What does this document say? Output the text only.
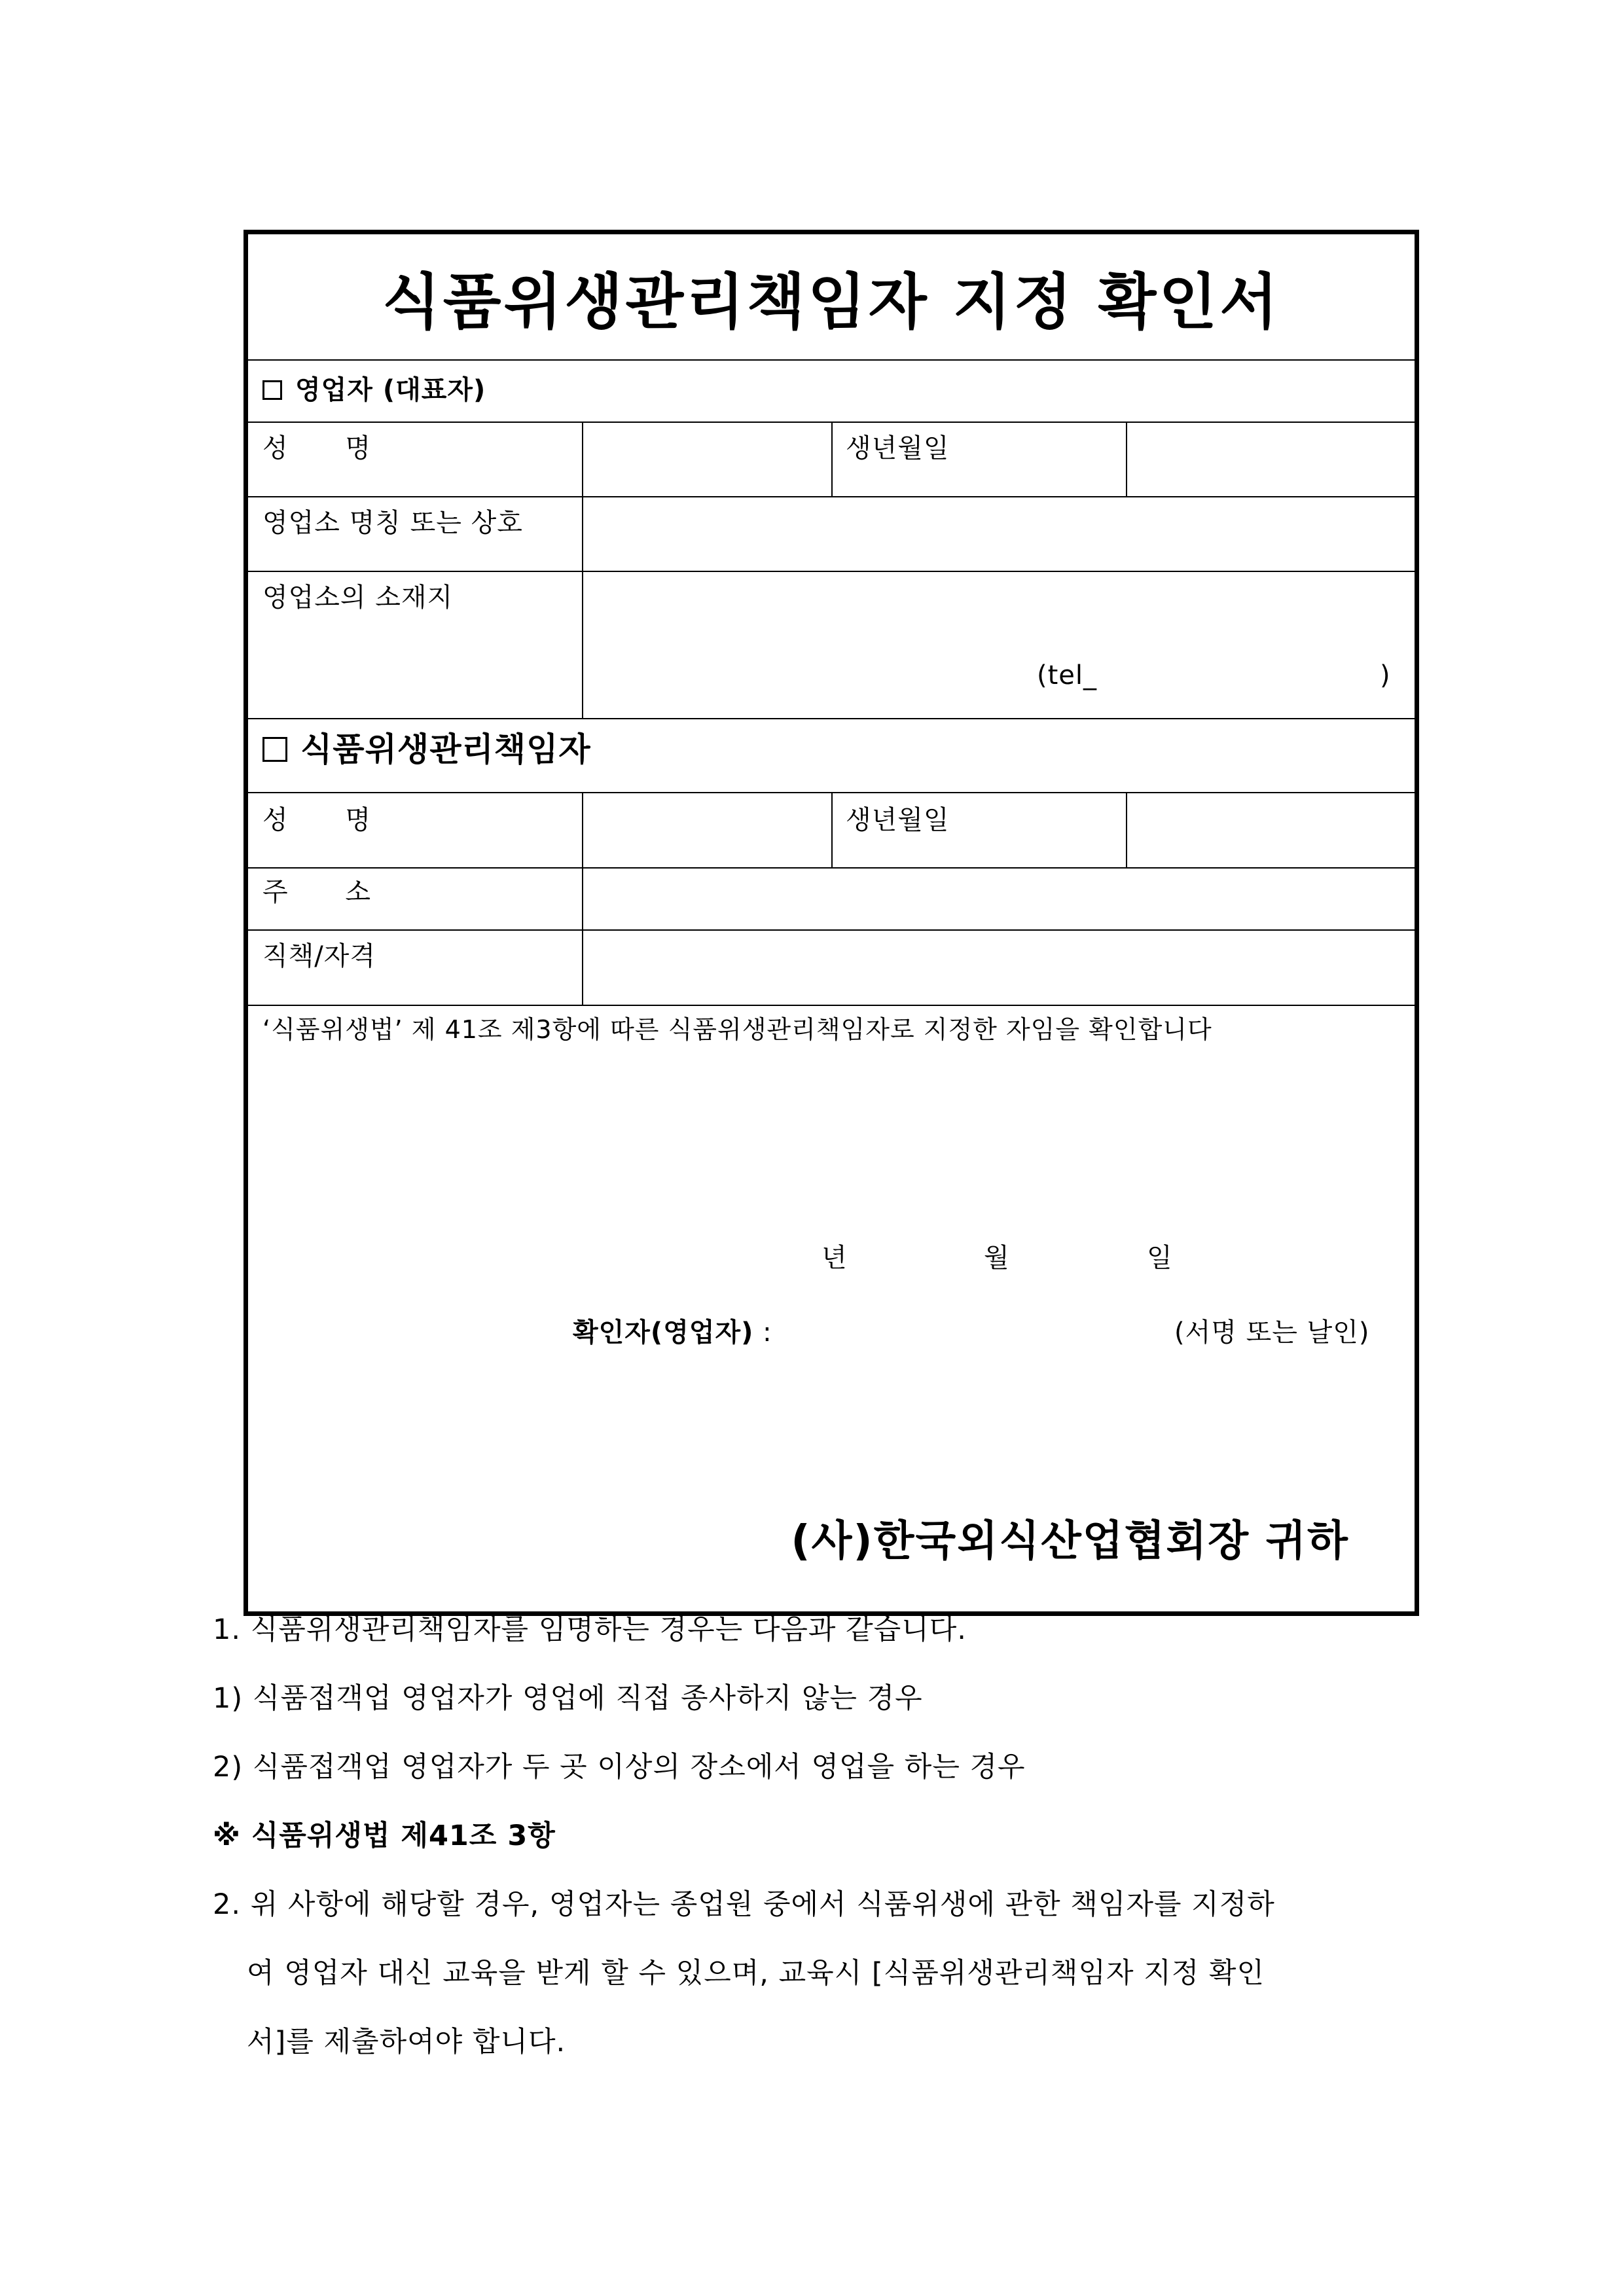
식품위생관리책임자 지정 확인서
영업자 (대표자)
성 명	생년월일
영업소 명칭 또는 상호
영업소의 소재지
(tel_	)
식품위생관리책임자
성 명	생년월일
주 소
직책/자격
‘식품위생법’ 제 41조 제3항에 따른 식품위생관리책임자로 지정한 자임을 확인합니다
년	월	일
확인자(영업자) :	(서명 또는 날인)
(사)한국외식산업협회장 귀하
1. 식품위생관리책임자를 임명하는 경우는 다음과 같습니다.
1) 식품접객업 영업자가 영업에 직접 종사하지 않는 경우
2) 식품접객업 영업자가 두 곳 이상의 장소에서 영업을 하는 경우
※ 식품위생법 제41조 3항
2. 위 사항에 해당할 경우, 영업자는 종업원 중에서 식품위생에 관한 책임자를 지정하
여 영업자 대신 교육을 받게 할 수 있으며, 교육시 [식품위생관리책임자 지정 확인
서]를 제출하여야 합니다.
